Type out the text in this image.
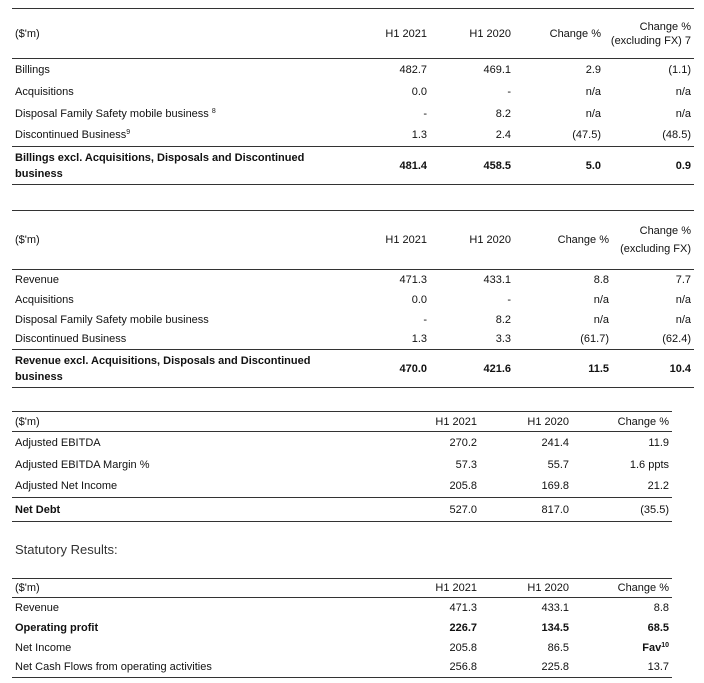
($'m)	H1 2021	H1 2020	Change %	Change % (excluding FX) 7
Billings	482.7	469.1	2.9	(1.1)
Acquisitions	0.0	-	n/a	n/a
Disposal Family Safety mobile business $^8$	-	8.2	n/a	n/a
Discontinued Business$^9$	1.3	2.4	(47.5)	(48.5)
Billings excl. Acquisitions, Disposals and Discontinued business	481.4	458.5	5.0	0.9
($'m)	H1 2021	H1 2020	Change %	Change % (excluding FX)
Revenue	471.3	433.1	8.8	7.7
Acquisitions	0.0	-	n/a	n/a
Disposal Family Safety mobile business	-	8.2	n/a	n/a
Discontinued Business	1.3	3.3	(61.7)	(62.4)
Revenue excl. Acquisitions, Disposals and Discontinued business	470.0	421.6	11.5	10.4
($'m)	H1 2021	H1 2020	Change %
Adjusted EBITDA	270.2	241.4	11.9
Adjusted EBITDA Margin %	57.3	55.7	1.6 ppts
Adjusted Net Income	205.8	169.8	21.2
Net Debt	527.0	817.0	(35.5)
Statutory Results:
($'m)	H1 2021	H1 2020	Change %
Revenue	471.3	433.1	8.8
Operating profit	226.7	134.5	68.5
Net Income	205.8	86.5	Fav$^{10}$
Net Cash Flows from operating activities	256.8	225.8	13.7
